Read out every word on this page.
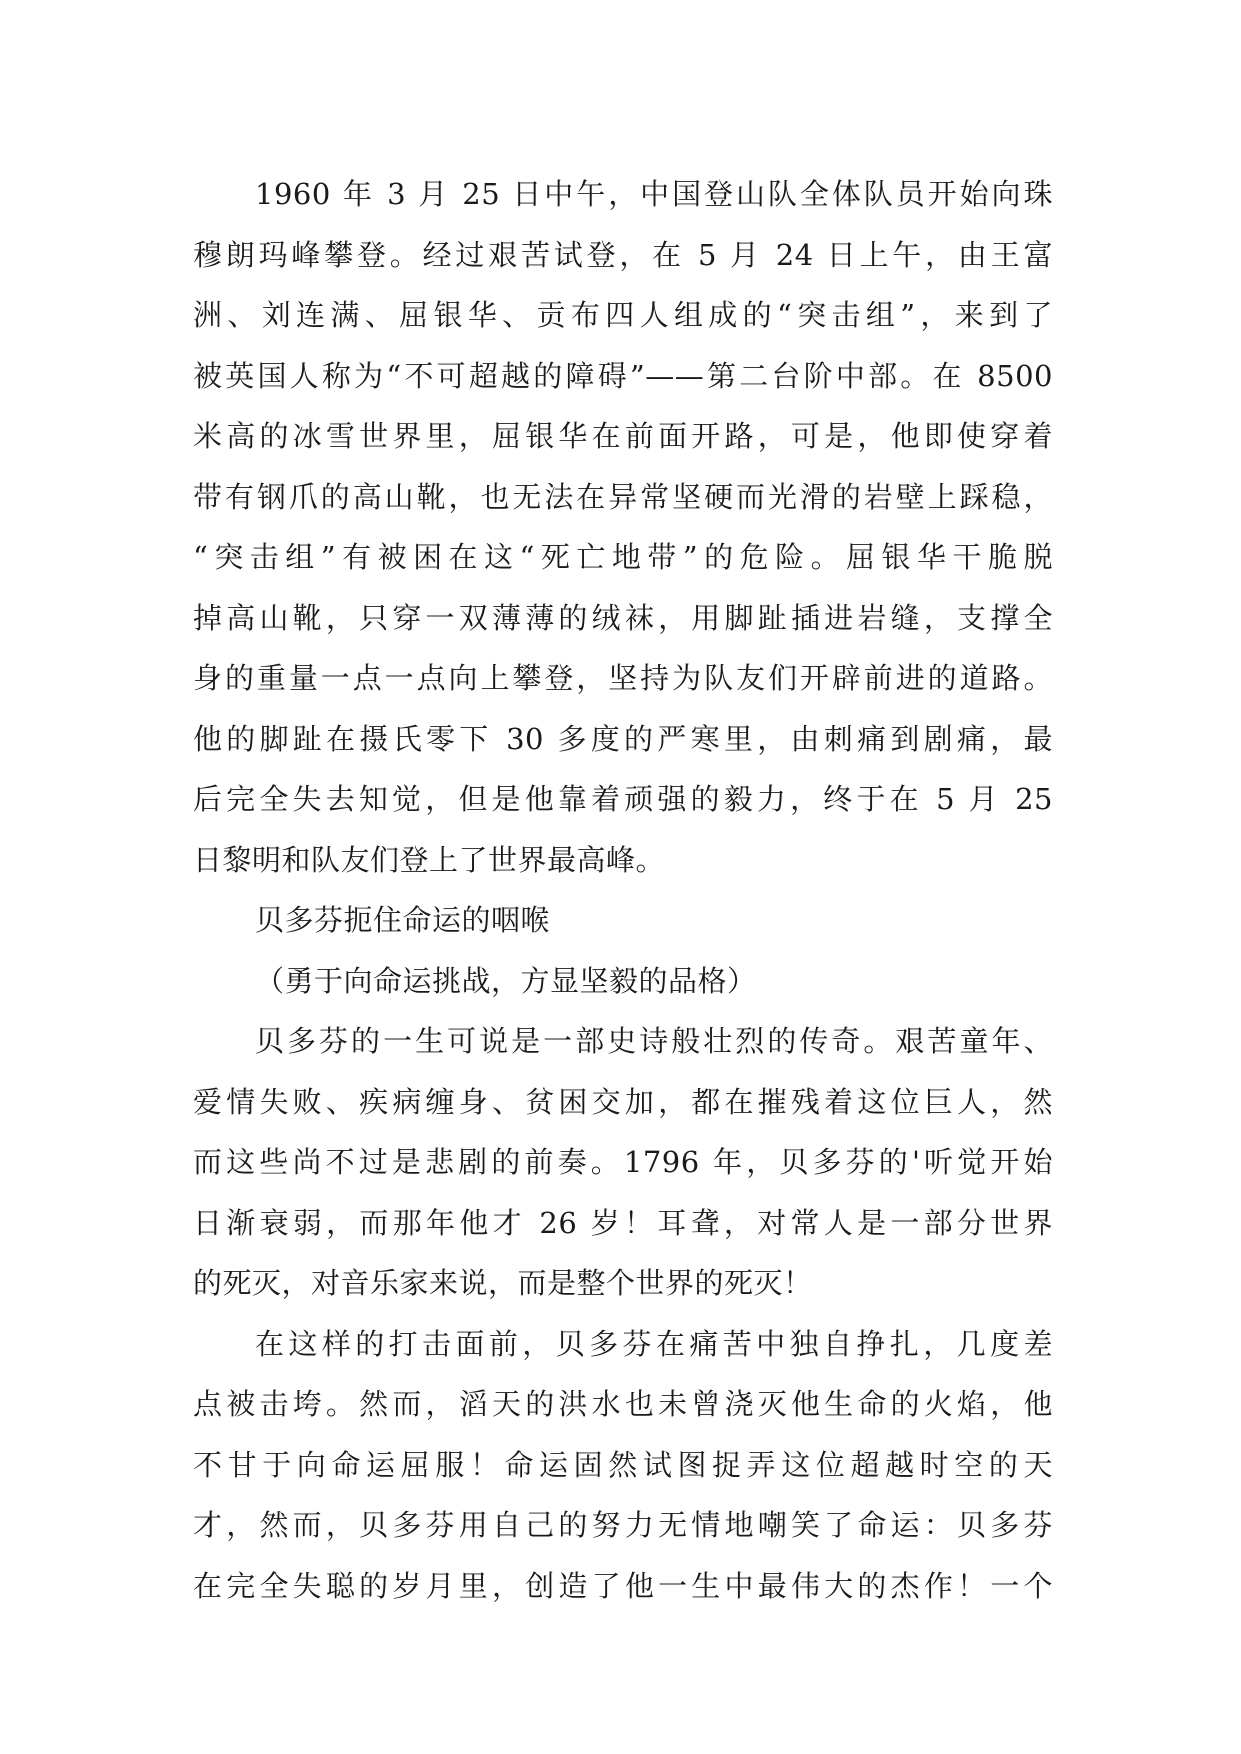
1960 年 3 月 25 日中午，中国登山队全体队员开始向珠
穆朗玛峰攀登。经过艰苦试登，在 5 月 24 日上午，由王富
洲、刘连满、屈银华、贡布四人组成的“突击组”，来到了
被英国人称为“不可超越的障碍”——第二台阶中部。在 8500
米高的冰雪世界里，屈银华在前面开路，可是，他即使穿着
带有钢爪的高山靴，也无法在异常坚硬而光滑的岩壁上踩稳，
“突击组”有被困在这“死亡地带”的危险。屈银华干脆脱
掉高山靴，只穿一双薄薄的绒袜，用脚趾插进岩缝，支撑全
身的重量一点一点向上攀登，坚持为队友们开辟前进的道路。
他的脚趾在摄氏零下 30 多度的严寒里，由刺痛到剧痛，最
后完全失去知觉，但是他靠着顽强的毅力，终于在 5 月 25
日黎明和队友们登上了世界最高峰。
贝多芬扼住命运的咽喉
（勇于向命运挑战，方显坚毅的品格）
贝多芬的一生可说是一部史诗般壮烈的传奇。艰苦童年、
爱情失败、疾病缠身、贫困交加，都在摧残着这位巨人，然
而这些尚不过是悲剧的前奏。1796 年，贝多芬的'听觉开始
日渐衰弱，而那年他才 26 岁！耳聋，对常人是一部分世界
的死灭，对音乐家来说，而是整个世界的死灭！
在这样的打击面前，贝多芬在痛苦中独自挣扎，几度差
点被击垮。然而，滔天的洪水也未曾浇灭他生命的火焰，他
不甘于向命运屈服！命运固然试图捉弄这位超越时空的天
才，然而，贝多芬用自己的努力无情地嘲笑了命运：贝多芬
在完全失聪的岁月里，创造了他一生中最伟大的杰作！一个
